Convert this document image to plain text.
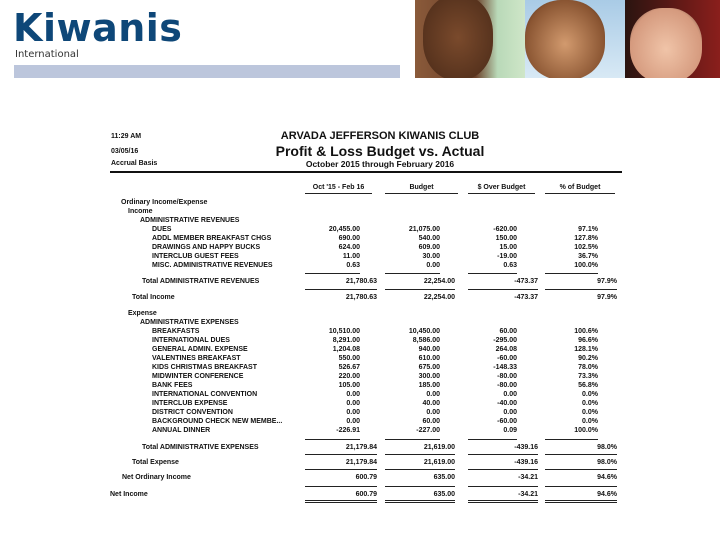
Kiwanis
International
11:29 AM
03/05/16
Accrual Basis
ARVADA JEFFERSON KIWANIS CLUB
Profit & Loss Budget vs. Actual
October 2015 through February 2016
Oct '15 - Feb 16	Budget	$ Over Budget	% of Budget
Ordinary Income/Expense
Income
ADMINISTRATIVE REVENUES
DUES	20,455.00	21,075.00	-620.00	97.1%
ADDL MEMBER BREAKFAST CHGS	690.00	540.00	150.00	127.8%
DRAWINGS AND HAPPY BUCKS	624.00	609.00	15.00	102.5%
INTERCLUB GUEST FEES	11.00	30.00	-19.00	36.7%
MISC. ADMINISTRATIVE REVENUES	0.63	0.00	0.63	100.0%
Total ADMINISTRATIVE REVENUES	21,780.63	22,254.00	-473.37	97.9%
Total Income	21,780.63	22,254.00	-473.37	97.9%
Expense
ADMINISTRATIVE EXPENSES
BREAKFASTS	10,510.00	10,450.00	60.00	100.6%
INTERNATIONAL DUES	8,291.00	8,586.00	-295.00	96.6%
GENERAL ADMIN. EXPENSE	1,204.08	940.00	264.08	128.1%
VALENTINES BREAKFAST	550.00	610.00	-60.00	90.2%
KIDS CHRISTMAS BREAKFAST	526.67	675.00	-148.33	78.0%
MIDWINTER CONFERENCE	220.00	300.00	-80.00	73.3%
BANK FEES	105.00	185.00	-80.00	56.8%
INTERNATIONAL CONVENTION	0.00	0.00	0.00	0.0%
INTERCLUB EXPENSE	0.00	40.00	-40.00	0.0%
DISTRICT CONVENTION	0.00	0.00	0.00	0.0%
BACKGROUND CHECK NEW MEMBE...	0.00	60.00	-60.00	0.0%
ANNUAL DINNER	-226.91	-227.00	0.09	100.0%
Total ADMINISTRATIVE EXPENSES	21,179.84	21,619.00	-439.16	98.0%
Total Expense	21,179.84	21,619.00	-439.16	98.0%
Net Ordinary Income	600.79	635.00	-34.21	94.6%
Net Income	600.79	635.00	-34.21	94.6%
